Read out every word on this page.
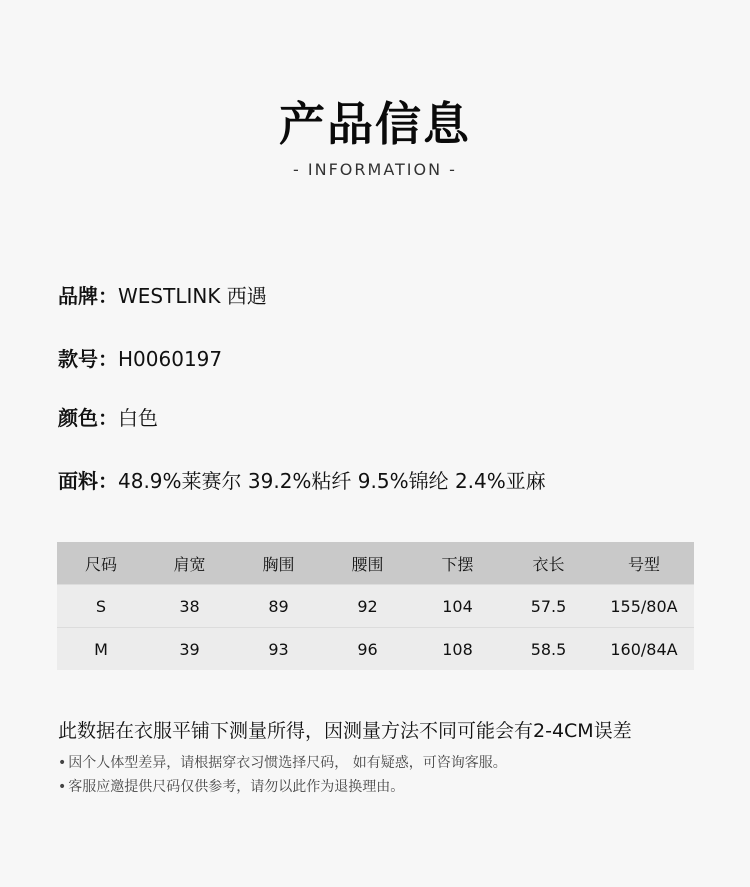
产品信息
- INFORMATION -
品牌：WESTLINK 西遇
款号：H0060197
颜色：白色
面料：48.9%莱赛尔 39.2%粘纤 9.5%锦纶 2.4%亚麻
尺码	肩宽	胸围	腰围	下摆	衣长	号型
S	38	89	92	104	57.5	155/80A
M	39	93	96	108	58.5	160/84A
此数据在衣服平铺下测量所得，因测量方法不同可能会有2-4CM误差
• 因个人体型差异，请根据穿衣习惯选择尺码， 如有疑惑，可咨询客服。
• 客服应邀提供尺码仅供参考，请勿以此作为退换理由。
